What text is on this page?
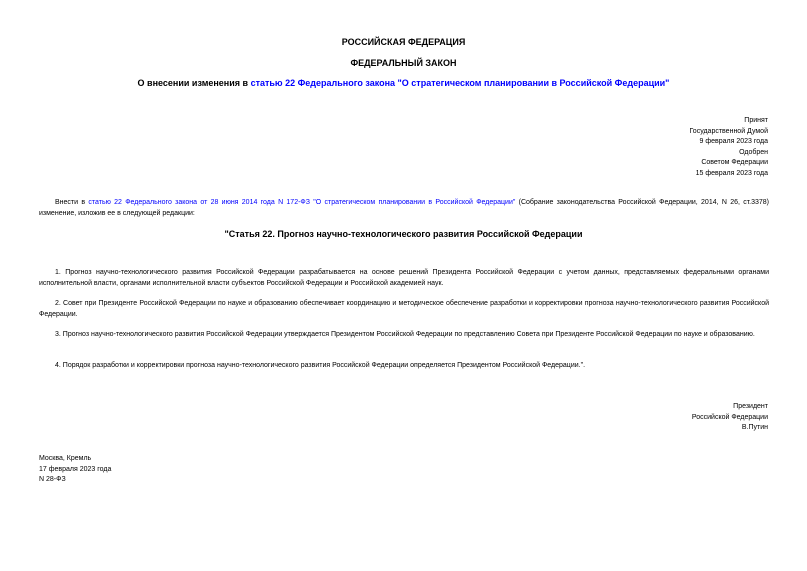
РОССИЙСКАЯ ФЕДЕРАЦИЯ
ФЕДЕРАЛЬНЫЙ ЗАКОН
О внесении изменения в статью 22 Федерального закона "О стратегическом планировании в Российской Федерации"
Принят
Государственной Думой
9 февраля 2023 года
Одобрен
Советом Федерации
15 февраля 2023 года
Внести в статью 22 Федерального закона от 28 июня 2014 года N 172-ФЗ "О стратегическом планировании в Российской Федерации" (Собрание законодательства Российской Федерации, 2014, N 26, ст.3378) изменение, изложив ее в следующей редакции:
"Статья 22. Прогноз научно-технологического развития Российской Федерации
1. Прогноз научно-технологического развития Российской Федерации разрабатывается на основе решений Президента Российской Федерации с учетом данных, представляемых федеральными органами исполнительной власти, органами исполнительной власти субъектов Российской Федерации и Российской академией наук.
2. Совет при Президенте Российской Федерации по науке и образованию обеспечивает координацию и методическое обеспечение разработки и корректировки прогноза научно-технологического развития Российской Федерации.
3. Прогноз научно-технологического развития Российской Федерации утверждается Президентом Российской Федерации по представлению Совета при Президенте Российской Федерации по науке и образованию.
4. Порядок разработки и корректировки прогноза научно-технологического развития Российской Федерации определяется Президентом Российской Федерации.".
Президент
Российской Федерации
В.Путин
Москва, Кремль
17 февраля 2023 года
N 28-ФЗ
